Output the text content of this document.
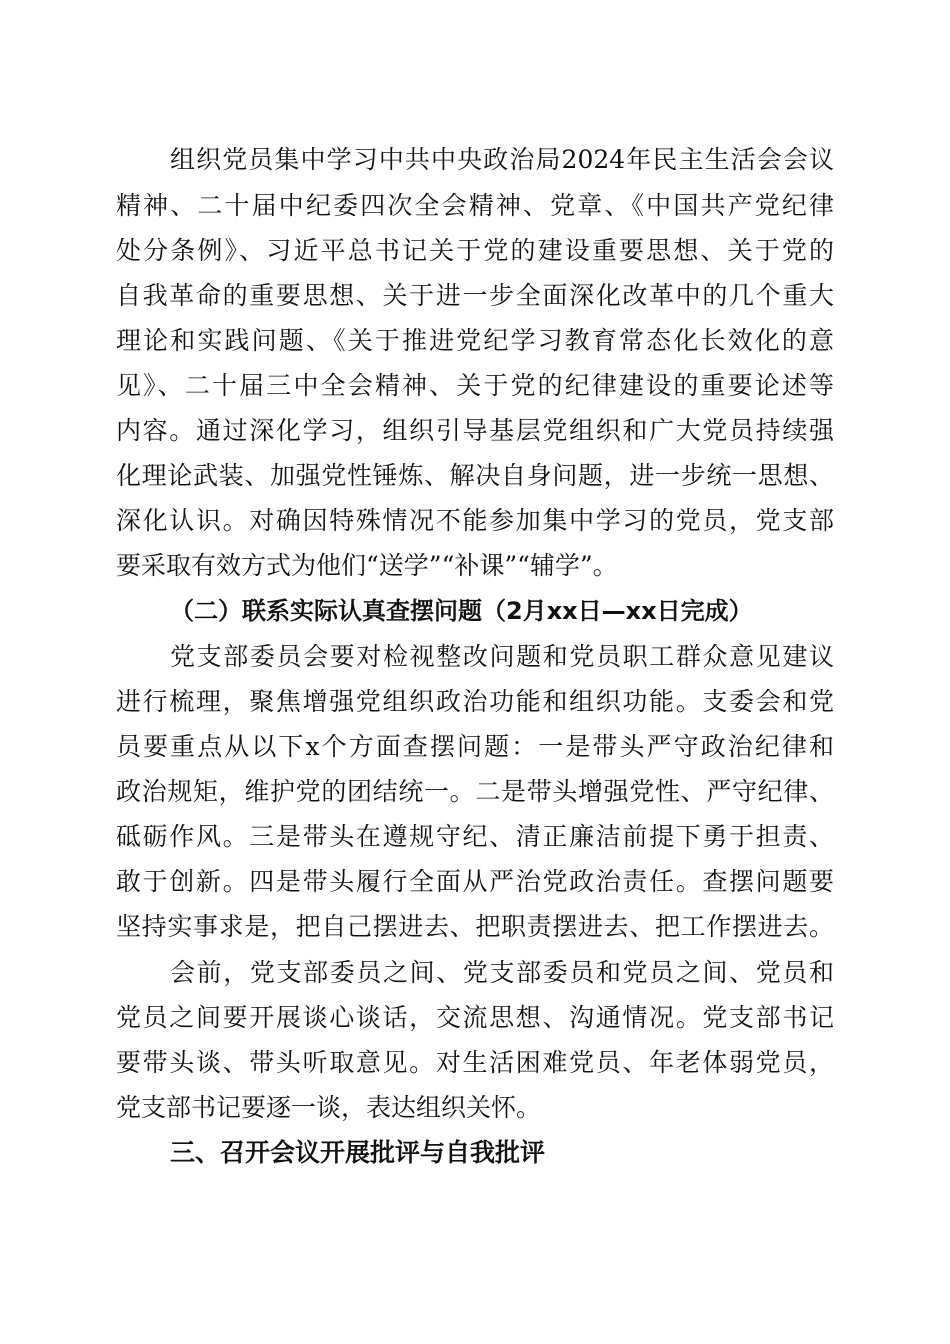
组织党员集中学习中共中央政治局2024年民主生活会会议
精神、二十届中纪委四次全会精神、党章、《中国共产党纪律
处分条例》、习近平总书记关于党的建设重要思想、关于党的
自我革命的重要思想、关于进一步全面深化改革中的几个重大
理论和实践问题、《关于推进党纪学习教育常态化长效化的意
见》、二十届三中全会精神、关于党的纪律建设的重要论述等
内容。通过深化学习，组织引导基层党组织和广大党员持续强
化理论武装、加强党性锤炼、解决自身问题，进一步统一思想、
深化认识。对确因特殊情况不能参加集中学习的党员，党支部
要采取有效方式为他们“送学”“补课”“辅学”。
（二）联系实际认真查摆问题（2月xx日—xx日完成）
党支部委员会要对检视整改问题和党员职工群众意见建议
进行梳理，聚焦增强党组织政治功能和组织功能。支委会和党
员要重点从以下x个方面查摆问题：一是带头严守政治纪律和
政治规矩，维护党的团结统一。二是带头增强党性、严守纪律、
砥砺作风。三是带头在遵规守纪、清正廉洁前提下勇于担责、
敢于创新。四是带头履行全面从严治党政治责任。查摆问题要
坚持实事求是，把自己摆进去、把职责摆进去、把工作摆进去。
会前，党支部委员之间、党支部委员和党员之间、党员和
党员之间要开展谈心谈话，交流思想、沟通情况。党支部书记
要带头谈、带头听取意见。对生活困难党员、年老体弱党员，
党支部书记要逐一谈，表达组织关怀。
三、召开会议开展批评与自我批评
